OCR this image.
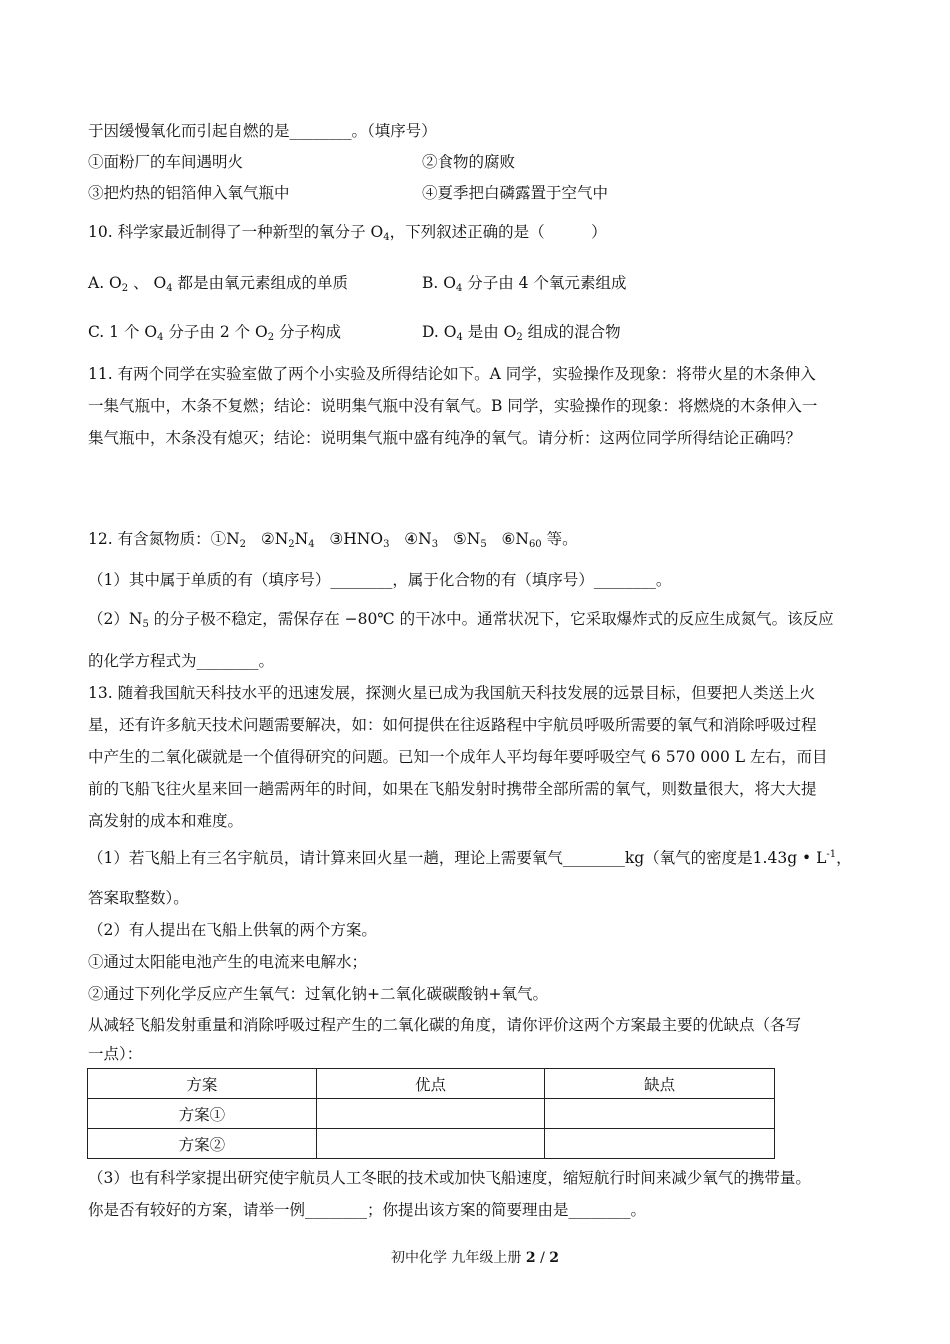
于因缓慢氧化而引起自燃的是________。（填序号）
①面粉厂的车间遇明火	②食物的腐败
③把灼热的铝箔伸入氧气瓶中	④夏季把白磷露置于空气中
10. 科学家最近制得了一种新型的氧分子 $O_4$，下列叙述正确的是（　　　）
A. $O_2$ 、 $O_4$ 都是由氧元素组成的单质	B. $O_4$ 分子由 4 个氧元素组成
C. 1 个 $O_4$ 分子由 2 个 $O_2$ 分子构成	D. $O_4$ 是由 $O_2$ 组成的混合物
11. 有两个同学在实验室做了两个小实验及所得结论如下。A 同学，实验操作及现象：将带火星的木条伸入
一集气瓶中，木条不复燃；结论：说明集气瓶中没有氧气。B 同学，实验操作的现象：将燃烧的木条伸入一
集气瓶中，木条没有熄灭；结论：说明集气瓶中盛有纯净的氧气。请分析：这两位同学所得结论正确吗？
12. 有含氮物质：$①N_2$ $②N_2N_4$ $③HNO_3$ $④N_3$ $⑤N_5$ $⑥N_{60}$ 等。
（1）其中属于单质的有（填序号）________，属于化合物的有（填序号）________。
$(2)N_5$ 的分子极不稳定，需保存在 −80℃ 的干冰中。通常状况下，它采取爆炸式的反应生成氮气。该反应
的化学方程式为________。
13. 随着我国航天科技水平的迅速发展，探测火星已成为我国航天科技发展的远景目标，但要把人类送上火
星，还有许多航天技术问题需要解决，如：如何提供在往返路程中宇航员呼吸所需要的氧气和消除呼吸过程
中产生的二氧化碳就是一个值得研究的问题。已知一个成年人平均每年要呼吸空气 6 570 000 L 左右，而目
前的飞船飞往火星来回一趟需两年的时间，如果在飞船发射时携带全部所需的氧气，则数量很大，将大大提
高发射的成本和难度。
（1）若飞船上有三名宇航员，请计算来回火星一趟，理论上需要氧气________kg（氧气的密度是1.43g • $L^{-1}$，
答案取整数）。
（2）有人提出在飞船上供氧的两个方案。
①通过太阳能电池产生的电流来电解水；
②通过下列化学反应产生氧气：过氧化钠+二氧化碳碳酸钠+氧气。
从减轻飞船发射重量和消除呼吸过程产生的二氧化碳的角度，请你评价这两个方案最主要的优缺点（各写
一点）：
方案	优点	缺点
方案①		
方案②		
（3）也有科学家提出研究使宇航员人工冬眠的技术或加快飞船速度，缩短航行时间来减少氧气的携带量。
你是否有较好的方案，请举一例________；你提出该方案的简要理由是________。
初中化学 九年级上册 2 / 2
